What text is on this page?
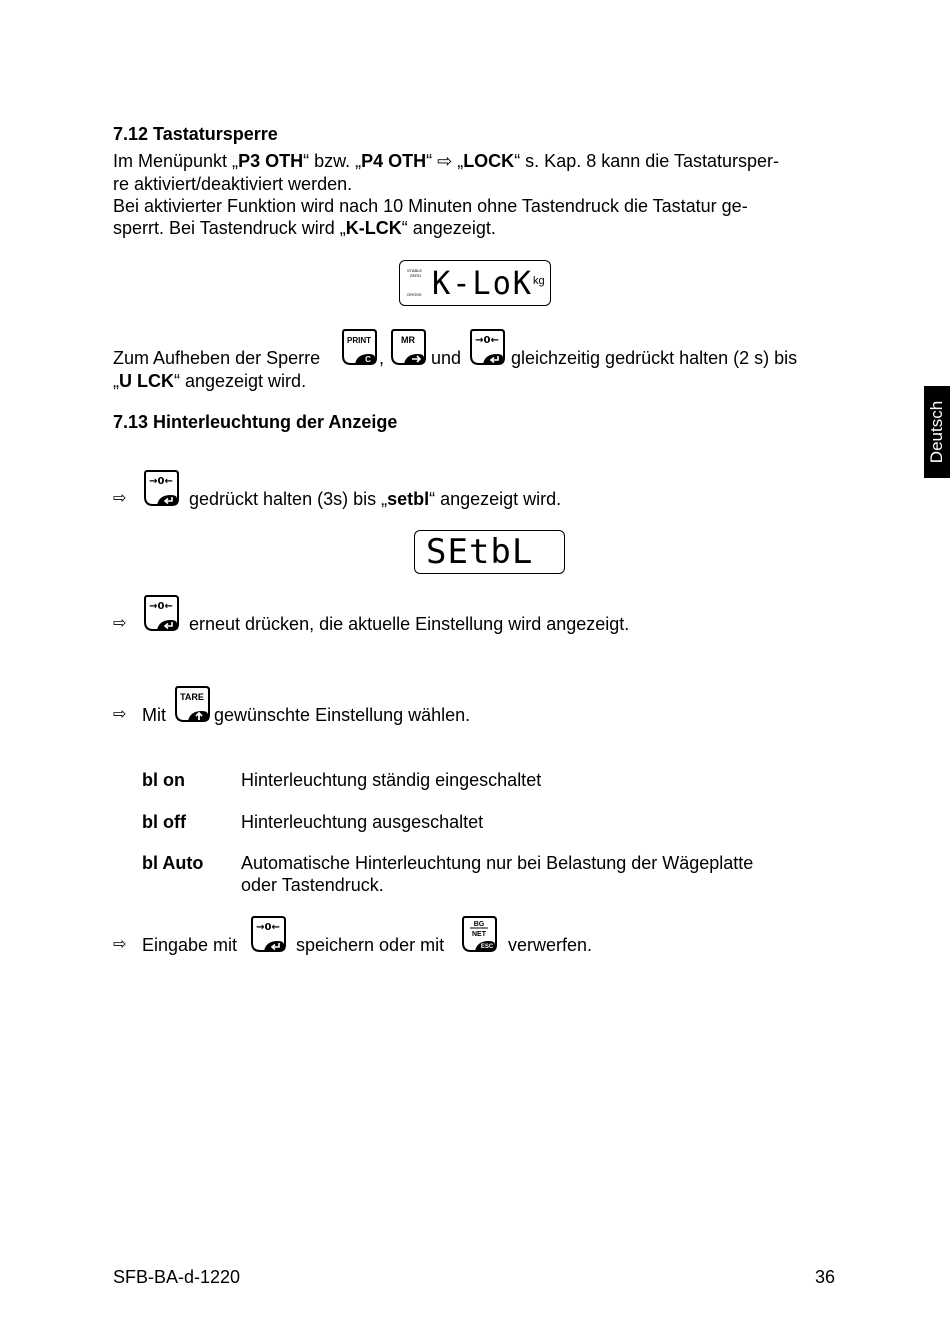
7.12 Tastatursperre
Im Menüpunkt „P3 OTH“ bzw. „P4 OTH“ ⇨ „LOCK“ s. Kap. 8 kann die Tastatursper-
re aktiviert/deaktiviert werden.
Bei aktivierter Funktion wird nach 10 Minuten ohne Tastendruck die Tastatur ge-
sperrt. Bei Tastendruck wird „K-LCK“ angezeigt.
STABLE
ZERO
GROSS K-LoK kg
Zum Aufheben der Sperre
PRINT
C ,
MR
und
→0←
gleichzeitig gedrückt halten (2 s) bis
„U LCK“ angezeigt wird.
7.13 Hinterleuchtung der Anzeige
⇨
→0←
gedrückt halten (3s) bis „setbl“ angezeigt wird.
SEtbL
⇨
→0←
erneut drücken, die aktuelle Einstellung wird angezeigt.
⇨ Mit
TARE
gewünschte Einstellung wählen.
bl on	Hinterleuchtung ständig eingeschaltet
bl off	Hinterleuchtung ausgeschaltet
bl Auto Automatische Hinterleuchtung nur bei Belastung der Wägeplatte
oder Tastendruck.
⇨ Eingabe mit
→0←
speichern oder mit
BG
NET
ESC verwerfen.
Deutsch
SFB-BA-d-1220	36
